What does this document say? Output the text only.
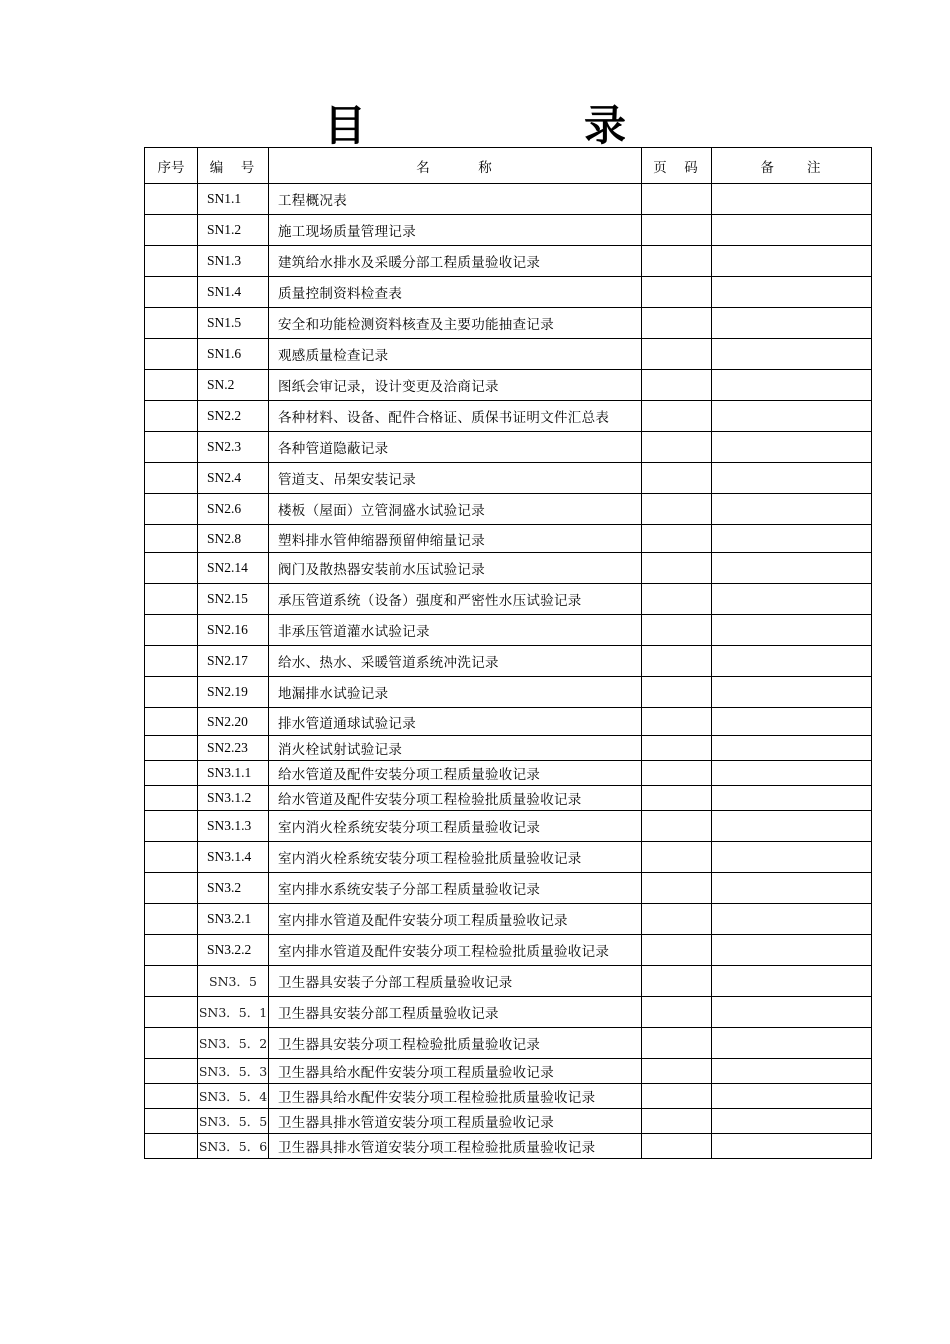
目　录
序号	编　号	名　　　称	页　码	备　　注
	SN1.1	工程概况表		
	SN1.2	施工现场质量管理记录		
	SN1.3	建筑给水排水及采暖分部工程质量验收记录		
	SN1.4	质量控制资料检查表		
	SN1.5	安全和功能检测资料核查及主要功能抽查记录		
	SN1.6	观感质量检查记录		
	SN.2	图纸会审记录，设计变更及洽商记录		
	SN2.2	各种材料、设备、配件合格证、质保书证明文件汇总表		
	SN2.3	各种管道隐蔽记录		
	SN2.4	管道支、吊架安装记录		
	SN2.6	楼板（屋面）立管洞盛水试验记录		
	SN2.8	塑料排水管伸缩器预留伸缩量记录		
	SN2.14	阀门及散热器安装前水压试验记录		
	SN2.15	承压管道系统（设备）强度和严密性水压试验记录		
	SN2.16	非承压管道灌水试验记录		
	SN2.17	给水、热水、采暖管道系统冲洗记录		
	SN2.19	地漏排水试验记录		
	SN2.20	排水管道通球试验记录		
	SN2.23	消火栓试射试验记录		
	SN3.1.1	给水管道及配件安装分项工程质量验收记录		
	SN3.1.2	给水管道及配件安装分项工程检验批质量验收记录		
	SN3.1.3	室内消火栓系统安装分项工程质量验收记录		
	SN3.1.4	室内消火栓系统安装分项工程检验批质量验收记录		
	SN3.2	室内排水系统安装子分部工程质量验收记录		
	SN3.2.1	室内排水管道及配件安装分项工程质量验收记录		
	SN3.2.2	室内排水管道及配件安装分项工程检验批质量验收记录		
	SN3．5	卫生器具安装子分部工程质量验收记录		
	SN3．5．1	卫生器具安装分部工程质量验收记录		
	SN3．5．2	卫生器具安装分项工程检验批质量验收记录		
	SN3．5．3	卫生器具给水配件安装分项工程质量验收记录		
	SN3．5．4	卫生器具给水配件安装分项工程检验批质量验收记录		
	SN3．5．5	卫生器具排水管道安装分项工程质量验收记录		
	SN3．5．6	卫生器具排水管道安装分项工程检验批质量验收记录		
